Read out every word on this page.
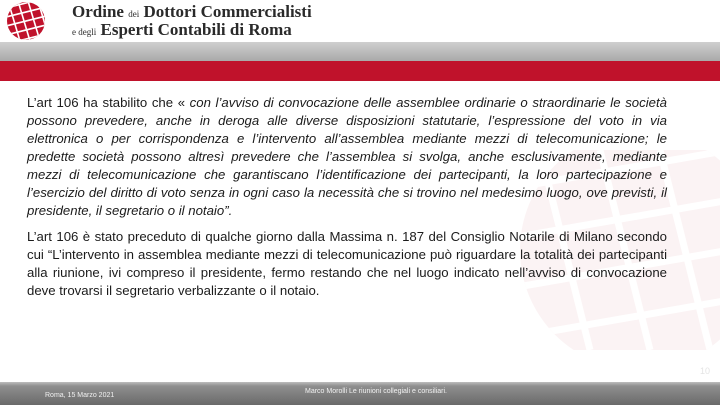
Ordine dei Dottori Commercialisti
e degli Esperti Contabili di Roma

L’art 106 ha stabilito che « con l’avviso di convocazione delle assemblee ordinarie o straordinarie le società possono prevedere, anche in deroga alle diverse disposizioni statutarie, l’espressione del voto in via elettronica o per corrispondenza e l’intervento all’assemblea mediante mezzi di telecomunicazione; le predette società possono altresì prevedere che l’assemblea si svolga, anche esclusivamente, mediante mezzi di telecomunicazione che garantiscano l’identificazione dei partecipanti, la loro partecipazione e l’esercizio del diritto di voto senza in ogni caso la necessità che si trovino nel medesimo luogo, ove previsti, il presidente, il segretario o il notaio”.

L’art 106 è stato preceduto di qualche giorno dalla Massima n. 187 del Consiglio Notarile di Milano secondo cui “L’intervento in assemblea mediante mezzi di telecomunicazione può riguardare la totalità dei partecipanti alla riunione, ivi compreso il presidente, fermo restando che nel luogo indicato nell’avviso di convocazione deve trovarsi il segretario verbalizzante o il notaio.

10
Roma, 15 Marzo 2021
Marco Morolli Le riunioni collegiali e consiliari.
